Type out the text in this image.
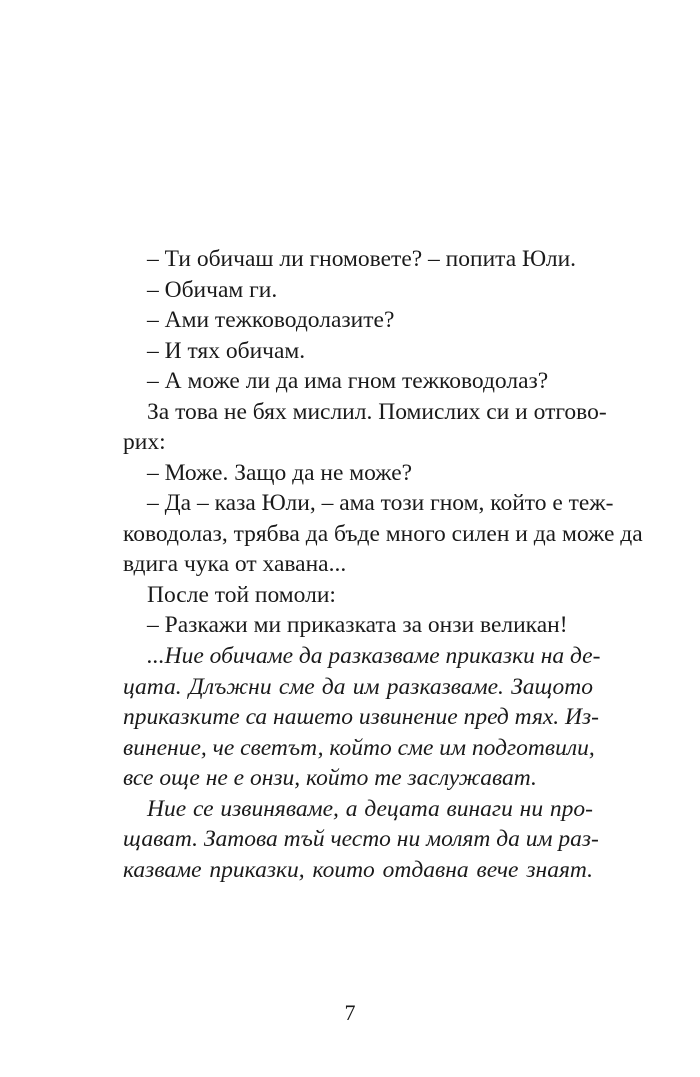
– Ти обичаш ли гномовете? – попита Юли.
– Обичам ги.
– Ами тежководолазите?
– И тях обичам.
– А може ли да има гном тежководолаз?
За това не бях мислил. Помислих си и отгово-
рих:
– Може. Защо да не може?
– Да – каза Юли, – ама този гном, който е теж-
ководолаз, трябва да бъде много силен и да може да
вдига чука от хавана...
После той помоли:
– Разкажи ми приказката за онзи великан!
...Ние обичаме да разказваме приказки на де-
цата. Длъжни сме да им разказваме. Защото
приказките са нашето извинение пред тях. Из-
винение, че светът, който сме им подготвили,
все още не е онзи, който те заслужават.
Ние се извиняваме, а децата винаги ни про-
щават. Затова тъй често ни молят да им раз-
казваме приказки, които отдавна вече знаят.
7
